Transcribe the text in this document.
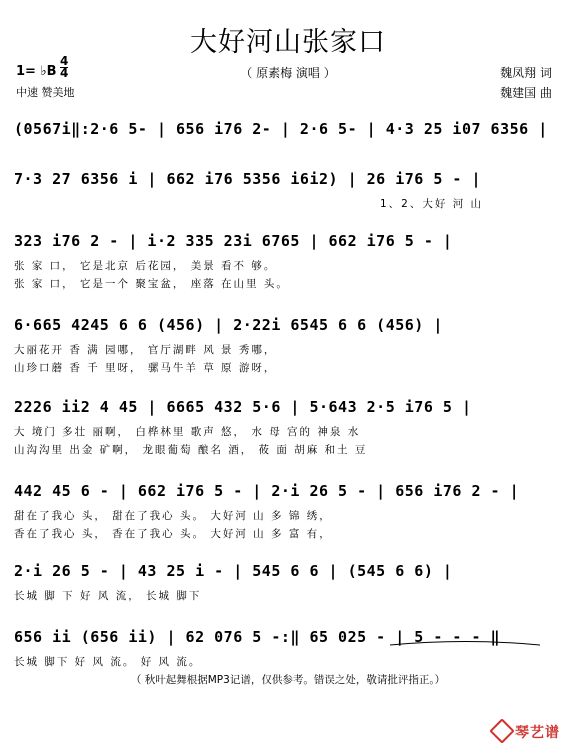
大好河山张家口
（ 原素梅 演唱 ）
1= ♭B
4
4
中速 赞美地
魏凤翔 词
魏建国 曲
(0567i‖:2·6 5- | 656 i76 2- | 2·6 5- | 4·3 25 i07 6356 |
7·3 27 6356 i | 662 i76 5356 i6i2) | 26 i76 5 - |
1、2、大好 河 山
323 i76 2 - | i·2 335 23i 6765 | 662 i76 5 - |
张 家 口， 它是北京 后花园， 美景 看不 够。
张 家 口， 它是一个 聚宝盆， 座落 在山里 头。
6·665 4245 6 6 (456) | 2·22i 6545 6 6 (456) |
大丽花开 香 满 园哪， 官厅湖畔 风 景 秀哪，
山珍口蘑 香 千 里呀， 骡马牛羊 草 原 游呀，
2226 ii2 4 45 | 6665 432 5·6 | 5·643 2·5 i76 5 |
大 境门 多壮 丽啊， 白桦林里 歌声 悠， 水 母 宫的 神泉 水
山沟沟里 出金 矿啊， 龙眼葡萄 酿名 酒， 莜 面 胡麻 和土 豆
442 45 6 - | 662 i76 5 - | 2·i 26 5 - | 656 i76 2 - |
甜在了我心 头， 甜在了我心 头。 大好河 山 多 锦 绣，
香在了我心 头， 香在了我心 头。 大好河 山 多 富 有，
2·i 26 5 - | 43 25 i - | 545 6 6 | (545 6 6) |
长城 脚 下 好 风 流， 长城 脚下
656 ii (656 ii) | 62 076 5 -:‖ 65 025 - | 5 - - - ‖
长城 脚下 好 风 流。 好 风 流。
（ 秋叶起舞根据MP3记谱，仅供参考。错误之处，敬请批评指正。）
琴艺谱
